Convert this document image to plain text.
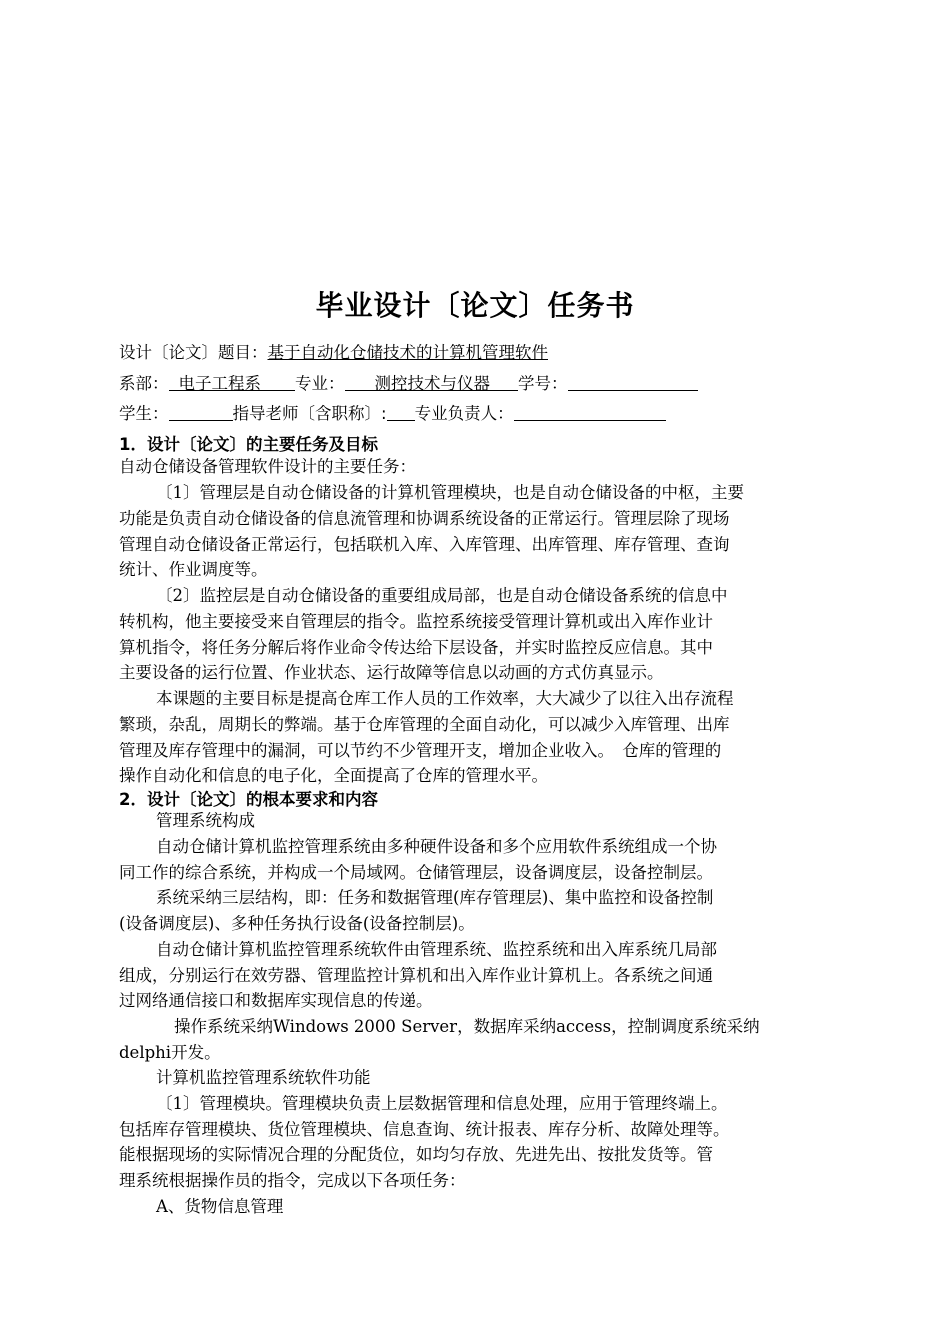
毕业设计〔论文〕任务书
设计〔论文〕题目：基于自动化仓储技术的计算机管理软件
系部： 电子工程系 专业： 测控技术与仪器 学号：
学生：	指导老师〔含职称〕: 专业负责人：
1．设计〔论文〕的主要任务及目标
自动仓储设备管理软件设计的主要任务：
〔1〕管理层是自动仓储设备的计算机管理模块，也是自动仓储设备的中枢，主要
功能是负责自动仓储设备的信息流管理和协调系统设备的正常运行。管理层除了现场
管理自动仓储设备正常运行，包括联机入库、入库管理、出库管理、库存管理、查询
统计、作业调度等。
〔2〕监控层是自动仓储设备的重要组成局部，也是自动仓储设备系统的信息中
转机构，他主要接受来自管理层的指令。监控系统接受管理计算机或出入库作业计
算机指令，将任务分解后将作业命令传达给下层设备，并实时监控反应信息。其中
主要设备的运行位置、作业状态、运行故障等信息以动画的方式仿真显示。
本课题的主要目标是提高仓库工作人员的工作效率，大大减少了以往入出存流程
繁琐，杂乱，周期长的弊端。基于仓库管理的全面自动化，可以减少入库管理、出库
管理及库存管理中的漏洞，可以节约不少管理开支，增加企业收入。　仓库的管理的
操作自动化和信息的电子化，全面提高了仓库的管理水平。
2．设计〔论文〕的根本要求和内容
管理系统构成
自动仓储计算机监控管理系统由多种硬件设备和多个应用软件系统组成一个协
同工作的综合系统，并构成一个局域网。仓储管理层，设备调度层，设备控制层。
系统采纳三层结构，即：任务和数据管理(库存管理层)、集中监控和设备控制
(设备调度层)、多种任务执行设备(设备控制层)。
自动仓储计算机监控管理系统软件由管理系统、监控系统和出入库系统几局部
组成，分别运行在效劳器、管理监控计算机和出入库作业计算机上。各系统之间通
过网络通信接口和数据库实现信息的传递。
操作系统采纳Windows 2000 Server，数据库采纳access，控制调度系统采纳
delphi开发。
计算机监控管理系统软件功能
〔1〕管理模块。管理模块负责上层数据管理和信息处理，应用于管理终端上。
包括库存管理模块、货位管理模块、信息查询、统计报表、库存分析、故障处理等。
能根据现场的实际情况合理的分配货位，如均匀存放、先进先出、按批发货等。管
理系统根据操作员的指令，完成以下各项任务：
A、货物信息管理
